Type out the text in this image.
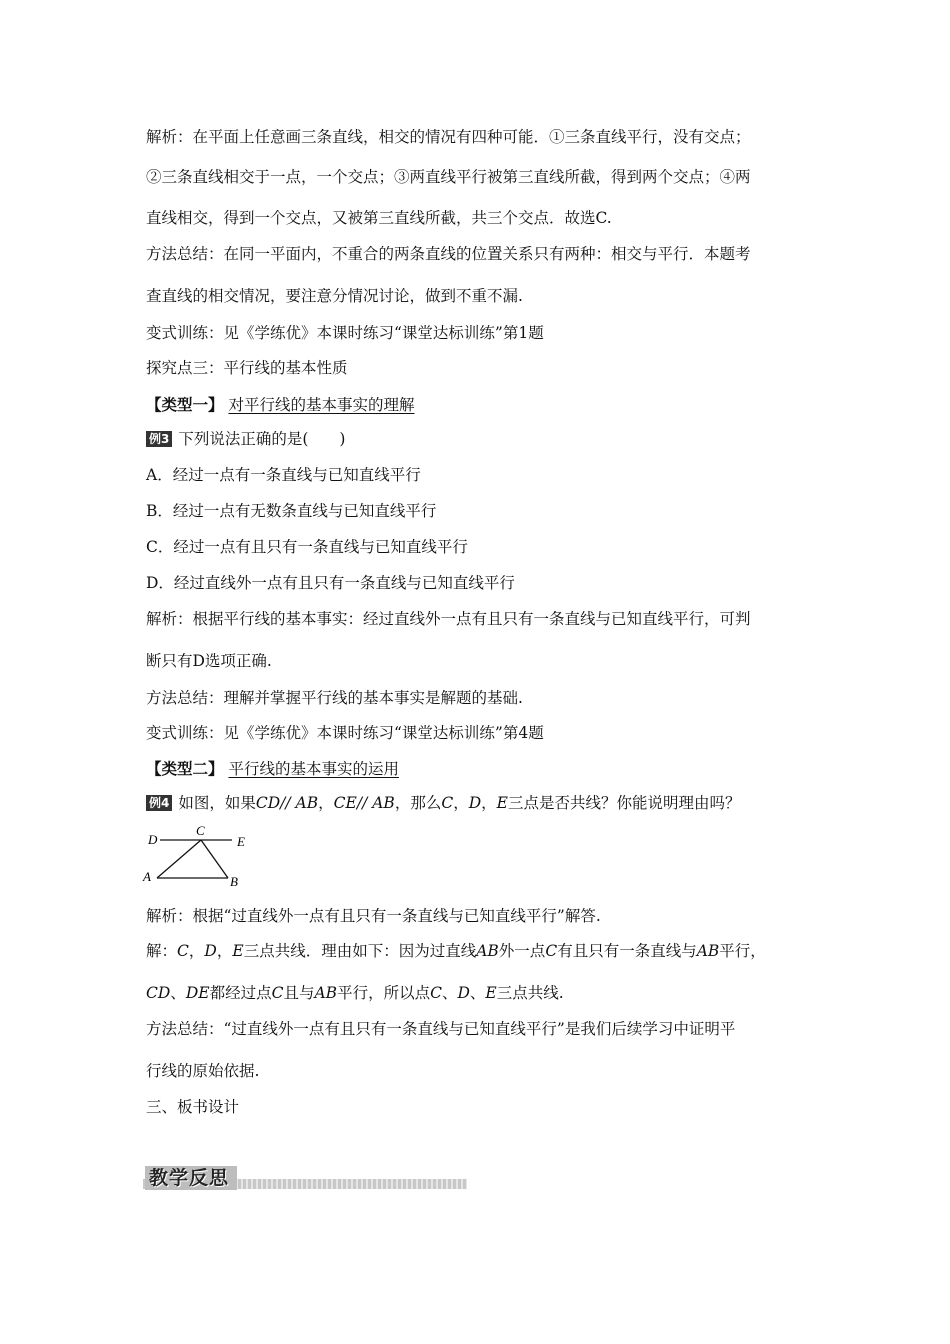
解析：在平面上任意画三条直线，相交的情况有四种可能．①三条直线平行，没有交点；
②三条直线相交于一点，一个交点；③两直线平行被第三直线所截，得到两个交点；④两
直线相交，得到一个交点，又被第三直线所截，共三个交点．故选C.
方法总结：在同一平面内，不重合的两条直线的位置关系只有两种：相交与平行．本题考
查直线的相交情况，要注意分情况讨论，做到不重不漏.
变式训练：见《学练优》本课时练习“课堂达标训练”第1题
探究点三：平行线的基本性质
【类型一】 对平行线的基本事实的理解
例3 下列说法正确的是(　　)
A．经过一点有一条直线与已知直线平行
B．经过一点有无数条直线与已知直线平行
C．经过一点有且只有一条直线与已知直线平行
D．经过直线外一点有且只有一条直线与已知直线平行
解析：根据平行线的基本事实：经过直线外一点有且只有一条直线与已知直线平行，可判
断只有D选项正确.
方法总结：理解并掌握平行线的基本事实是解题的基础.
变式训练：见《学练优》本课时练习“课堂达标训练”第4题
【类型二】 平行线的基本事实的运用
例4 如图，如果CD// AB，CE// AB，那么C，D，E三点是否共线？你能说明理由吗？
D
C
E
A	B
解析：根据“过直线外一点有且只有一条直线与已知直线平行”解答.
解：C，D，E三点共线．理由如下：因为过直线AB外一点C有且只有一条直线与AB平行，
CD、DE都经过点C且与AB平行，所以点C、D、E三点共线.
方法总结：“过直线外一点有且只有一条直线与已知直线平行”是我们后续学习中证明平
行线的原始依据.
三、板书设计
教学反思
